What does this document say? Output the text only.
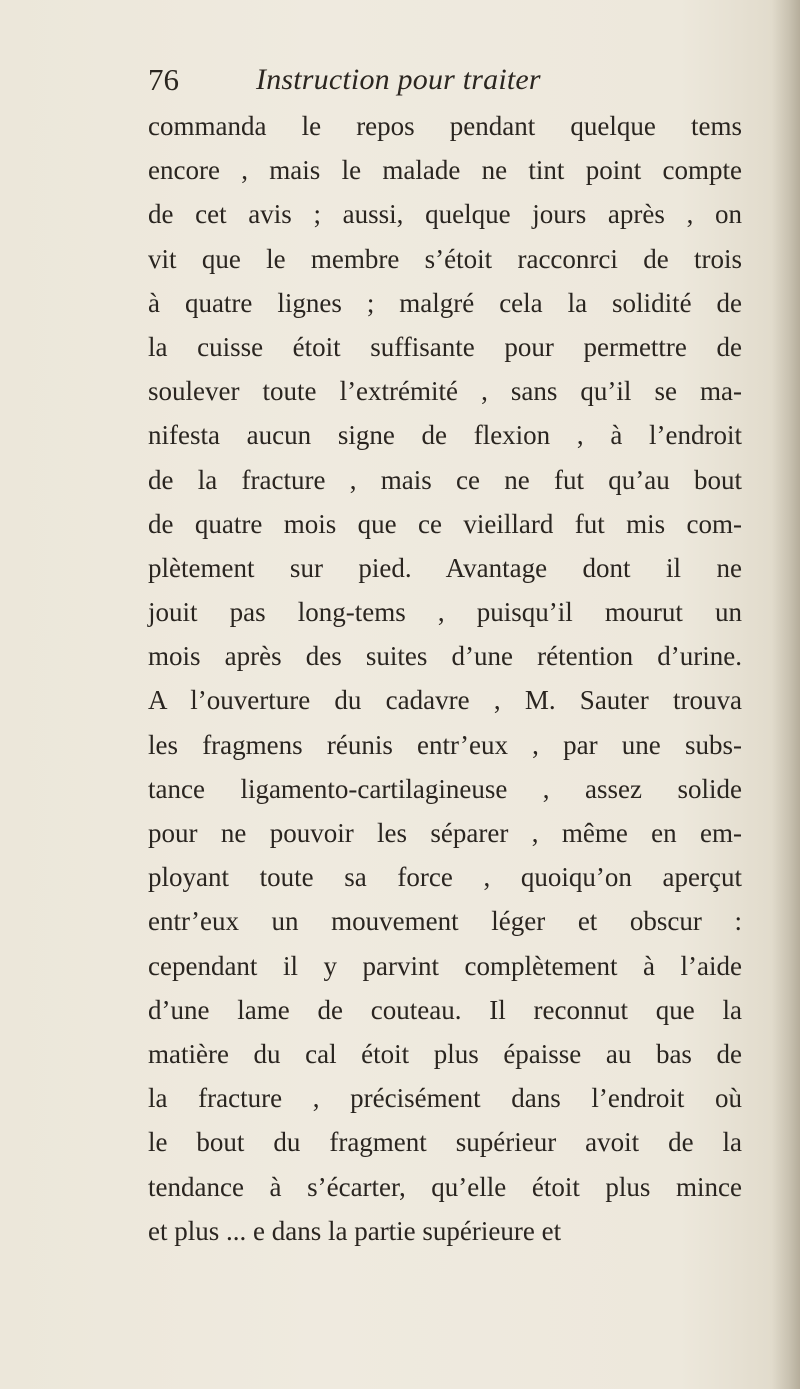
76	Instruction pour traiter
commanda le repos pendant quelque tems
encore , mais le malade ne tint point compte
de cet avis ; aussi, quelque jours après , on
vit que le membre s’étoit racconrci de trois
à quatre lignes ; malgré cela la solidité de
la cuisse étoit suffisante pour permettre de
soulever toute l’extrémité , sans qu’il se ma-
nifesta aucun signe de flexion , à l’endroit
de la fracture , mais ce ne fut qu’au bout
de quatre mois que ce vieillard fut mis com-
plètement sur pied. Avantage dont il ne
jouit pas long-tems , puisqu’il mourut un
mois après des suites d’une rétention d’urine.
A l’ouverture du cadavre , M. Sauter trouva
les fragmens réunis entr’eux , par une subs-
tance ligamento-cartilagineuse , assez solide
pour ne pouvoir les séparer , même en em-
ployant toute sa force , quoiqu’on aperçut
entr’eux un mouvement léger et obscur :
cependant il y parvint complètement à l’aide
d’une lame de couteau. Il reconnut que la
matière du cal étoit plus épaisse au bas de
la fracture , précisément dans l’endroit où
le bout du fragment supérieur avoit de la
tendance à s’écarter, qu’elle étoit plus mince
et plus ... e dans la partie supérieure et
